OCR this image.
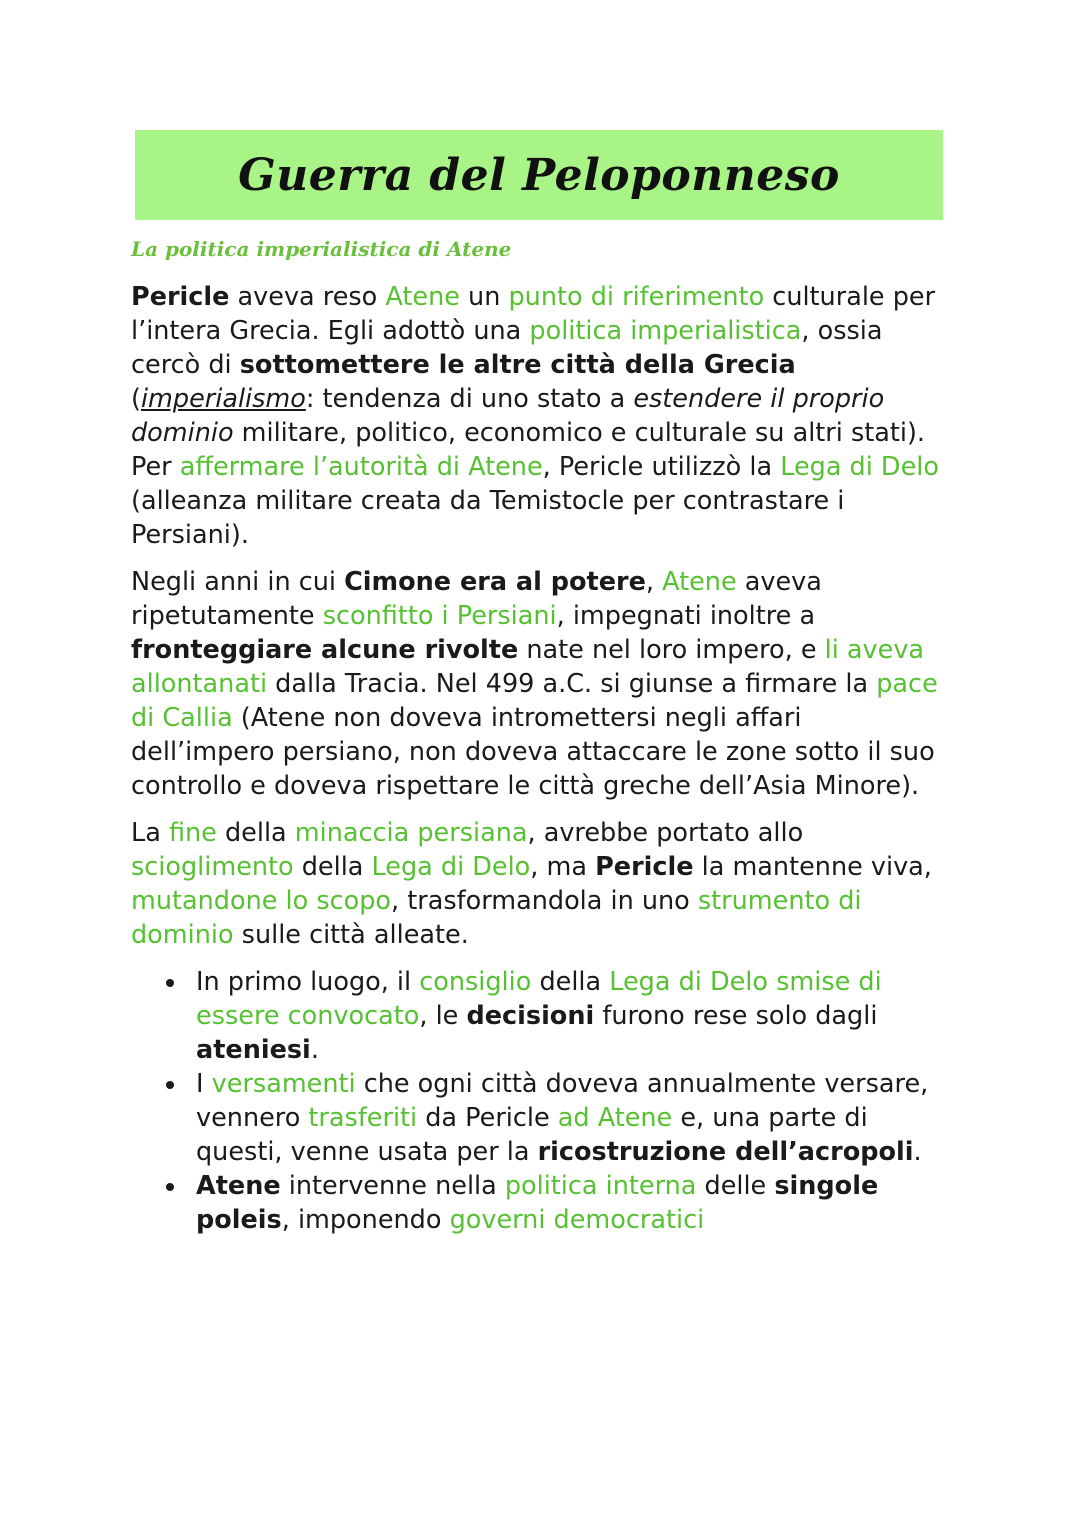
Guerra del Peloponneso
La politica imperialistica di Atene

Pericle aveva reso Atene un punto di riferimento culturale per l’intera Grecia. Egli adottò una politica imperialistica, ossia cercò di sottomettere le altre città della Grecia (imperialismo: tendenza di uno stato a estendere il proprio dominio militare, politico, economico e culturale su altri stati). Per affermare l’autorità di Atene, Pericle utilizzò la Lega di Delo (alleanza militare creata da Temistocle per contrastare i Persiani).

Negli anni in cui Cimone era al potere, Atene aveva ripetutamente sconfitto i Persiani, impegnati inoltre a fronteggiare alcune rivolte nate nel loro impero, e li aveva allontanati dalla Tracia. Nel 499 a.C. si giunse a firmare la pace di Callia (Atene non doveva intromettersi negli affari dell’impero persiano, non doveva attaccare le zone sotto il suo controllo e doveva rispettare le città greche dell’Asia Minore).

La fine della minaccia persiana, avrebbe portato allo scioglimento della Lega di Delo, ma Pericle la mantenne viva, mutandone lo scopo, trasformandola in uno strumento di dominio sulle città alleate.

In primo luogo, il consiglio della Lega di Delo smise di essere convocato, le decisioni furono rese solo dagli ateniesi.
I versamenti che ogni città doveva annualmente versare, vennero trasferiti da Pericle ad Atene e, una parte di questi, venne usata per la ricostruzione dell’acropoli.
Atene intervenne nella politica interna delle singole poleis, imponendo governi democratici
